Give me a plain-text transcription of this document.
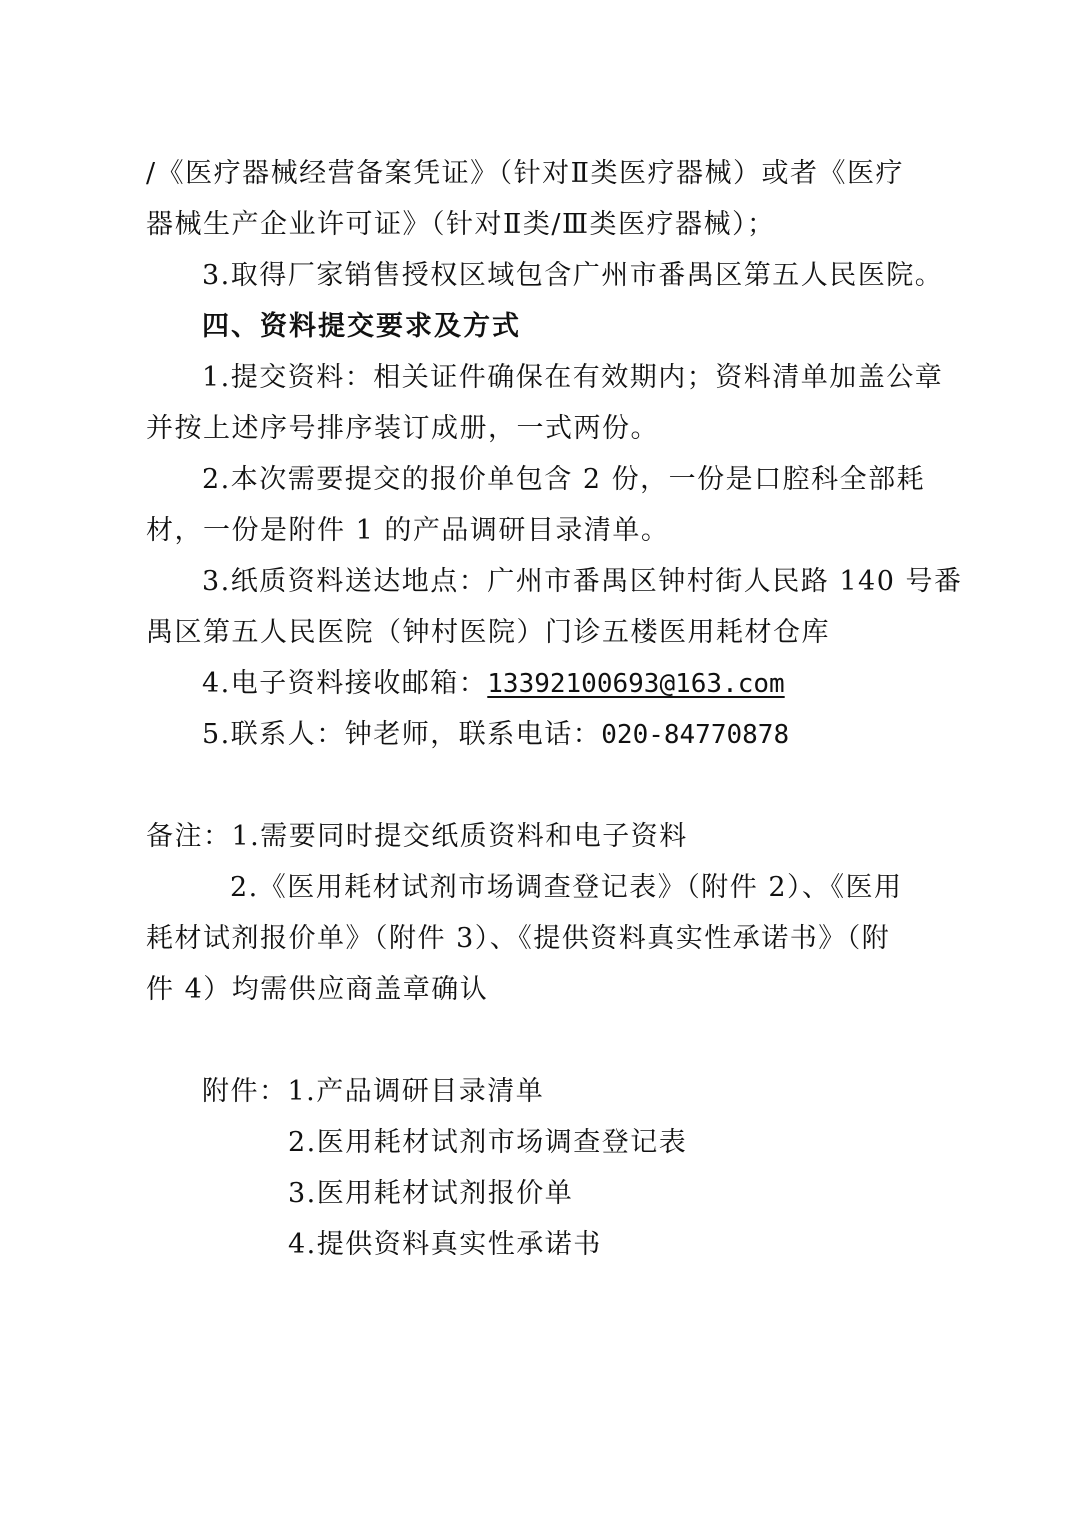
/《医疗器械经营备案凭证》（针对Ⅱ类医疗器械）或者《医疗

器械生产企业许可证》（针对Ⅱ类/Ⅲ类医疗器械）；

3.取得厂家销售授权区域包含广州市番禺区第五人民医院。

四、资料提交要求及方式

1.提交资料：相关证件确保在有效期内；资料清单加盖公章

并按上述序号排序装订成册，一式两份。

2.本次需要提交的报价单包含 2 份，一份是口腔科全部耗

材，一份是附件 1 的产品调研目录清单。

3.纸质资料送达地点：广州市番禺区钟村街人民路 140 号番

禺区第五人民医院（钟村医院）门诊五楼医用耗材仓库

4.电子资料接收邮箱：13392100693@163.com

5.联系人：钟老师，联系电话：020-84770878

备注：1.需要同时提交纸质资料和电子资料

2.《医用耗材试剂市场调查登记表》（附件 2）、《医用

耗材试剂报价单》（附件 3）、《提供资料真实性承诺书》（附

件 4）均需供应商盖章确认

附件：1.产品调研目录清单

2.医用耗材试剂市场调查登记表

3.医用耗材试剂报价单

4.提供资料真实性承诺书
